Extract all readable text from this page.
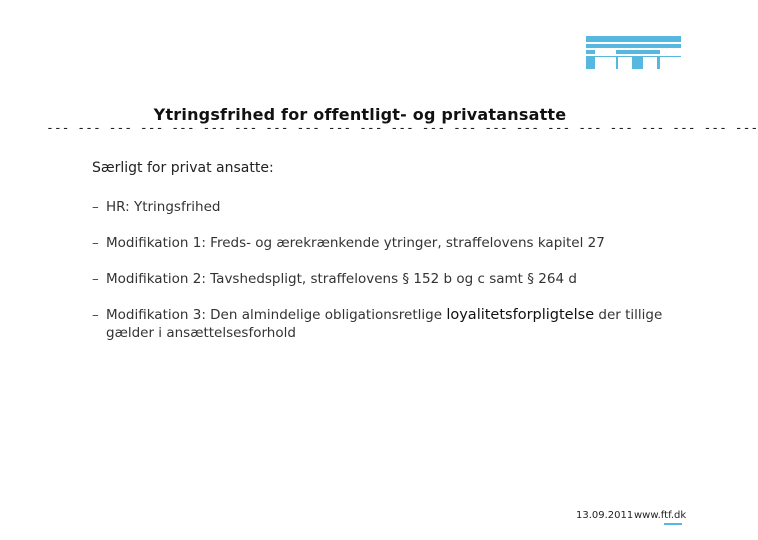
Ytringsfrihed for offentligt- og privatansatte
--- --- --- --- --- --- --- --- --- --- --- --- --- --- --- --- --- --- --- --- --- --- ---
Særligt for privat ansatte:
– HR: Ytringsfrihed
– Modifikation 1: Freds- og ærekrænkende ytringer, straffelovens kapitel 27
– Modifikation 2: Tavshedspligt, straffelovens § 152 b og c samt § 264 d
– Modifikation 3: Den almindelige obligationsretlige loyalitetsforpligtelse der tillige gælder i ansættelsesforhold
13.09.2011 www.ftf.dk
